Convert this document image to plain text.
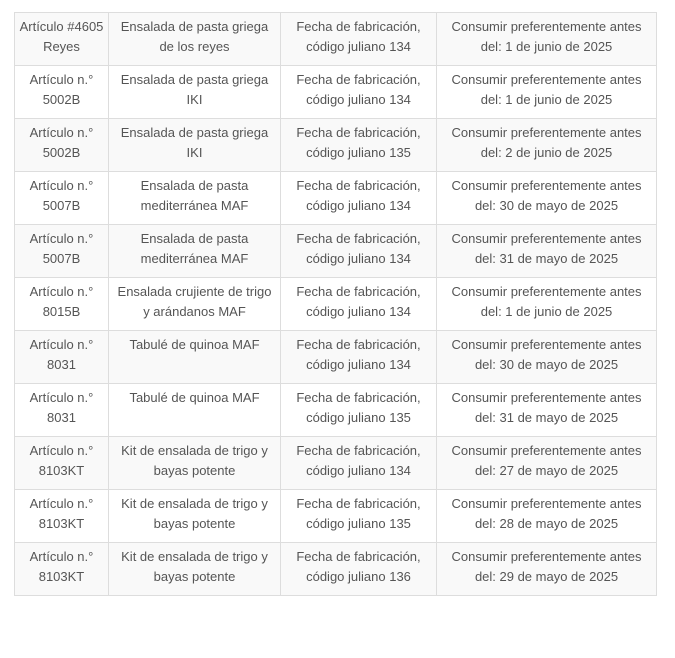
Artículo #4605 Reyes	Ensalada de pasta griega de los reyes	Fecha de fabricación, código juliano 134	Consumir preferentemente antes del: 1 de junio de 2025
Artículo n.° 5002B	Ensalada de pasta griega IKI	Fecha de fabricación, código juliano 134	Consumir preferentemente antes del: 1 de junio de 2025
Artículo n.° 5002B	Ensalada de pasta griega IKI	Fecha de fabricación, código juliano 135	Consumir preferentemente antes del: 2 de junio de 2025
Artículo n.° 5007B	Ensalada de pasta mediterránea MAF	Fecha de fabricación, código juliano 134	Consumir preferentemente antes del: 30 de mayo de 2025
Artículo n.° 5007B	Ensalada de pasta mediterránea MAF	Fecha de fabricación, código juliano 134	Consumir preferentemente antes del: 31 de mayo de 2025
Artículo n.° 8015B	Ensalada crujiente de trigo y arándanos MAF	Fecha de fabricación, código juliano 134	Consumir preferentemente antes del: 1 de junio de 2025
Artículo n.° 8031	Tabulé de quinoa MAF	Fecha de fabricación, código juliano 134	Consumir preferentemente antes del: 30 de mayo de 2025
Artículo n.° 8031	Tabulé de quinoa MAF	Fecha de fabricación, código juliano 135	Consumir preferentemente antes del: 31 de mayo de 2025
Artículo n.° 8103KT	Kit de ensalada de trigo y bayas potente	Fecha de fabricación, código juliano 134	Consumir preferentemente antes del: 27 de mayo de 2025
Artículo n.° 8103KT	Kit de ensalada de trigo y bayas potente	Fecha de fabricación, código juliano 135	Consumir preferentemente antes del: 28 de mayo de 2025
Artículo n.° 8103KT	Kit de ensalada de trigo y bayas potente	Fecha de fabricación, código juliano 136	Consumir preferentemente antes del: 29 de mayo de 2025
